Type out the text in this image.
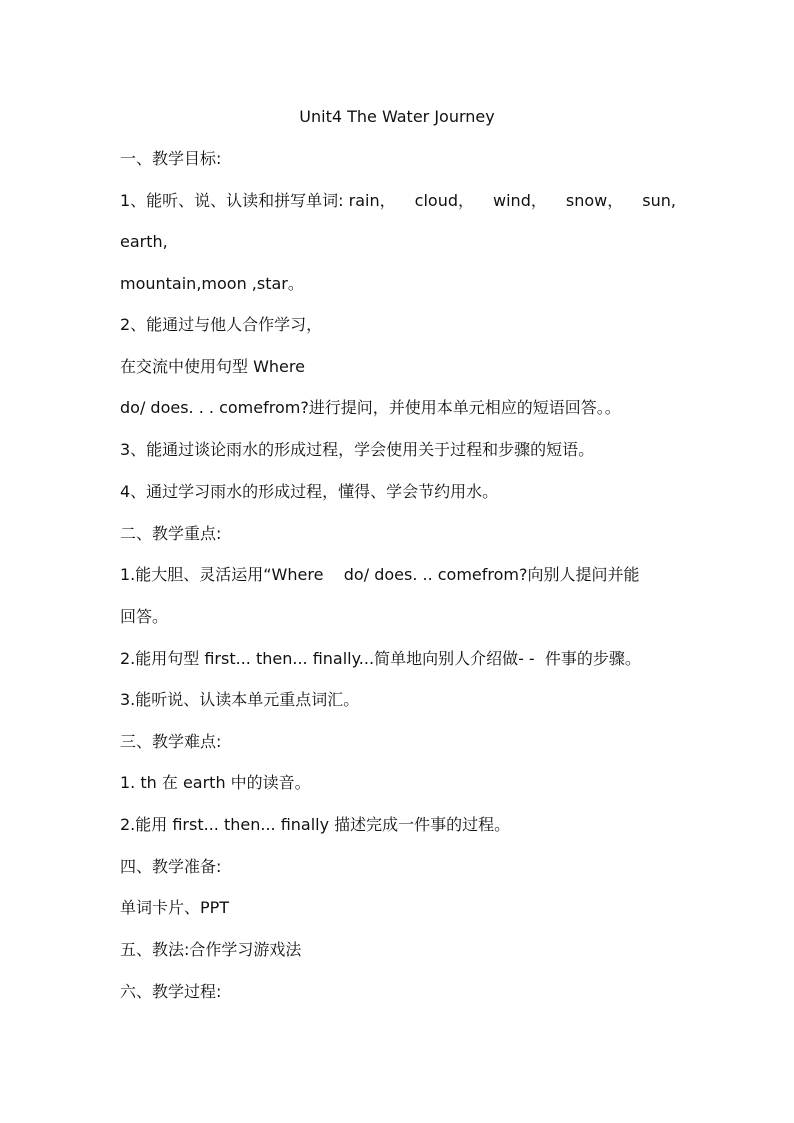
Unit4 The Water Journey
一、教学目标:
1、能听、说、认读和拼写单词: rain， cloud， wind， snow， sun,
earth,
mountain,moon ,star。
2、能通过与他人合作学习，
在交流中使用句型 Where
do/ does. . . comefrom?进行提问，并使用本单元相应的短语回答。。
3、能通过谈论雨水的形成过程，学会使用关于过程和步骤的短语。
4、通过学习雨水的形成过程，懂得、学会节约用水。
二、教学重点:
1.能大胆、灵活运用“Where    do/ does. .. comefrom?向别人提问并能
回答。
2.能用句型 first... then... finally...简单地向别人介绍做- -  件事的步骤。
3.能听说、认读本单元重点词汇。
三、教学难点:
1. th 在 earth 中的读音。
2.能用 first... then... finally 描述完成一件事的过程。
四、教学准备:
单词卡片、PPT
五、教法:合作学习游戏法
六、教学过程:
